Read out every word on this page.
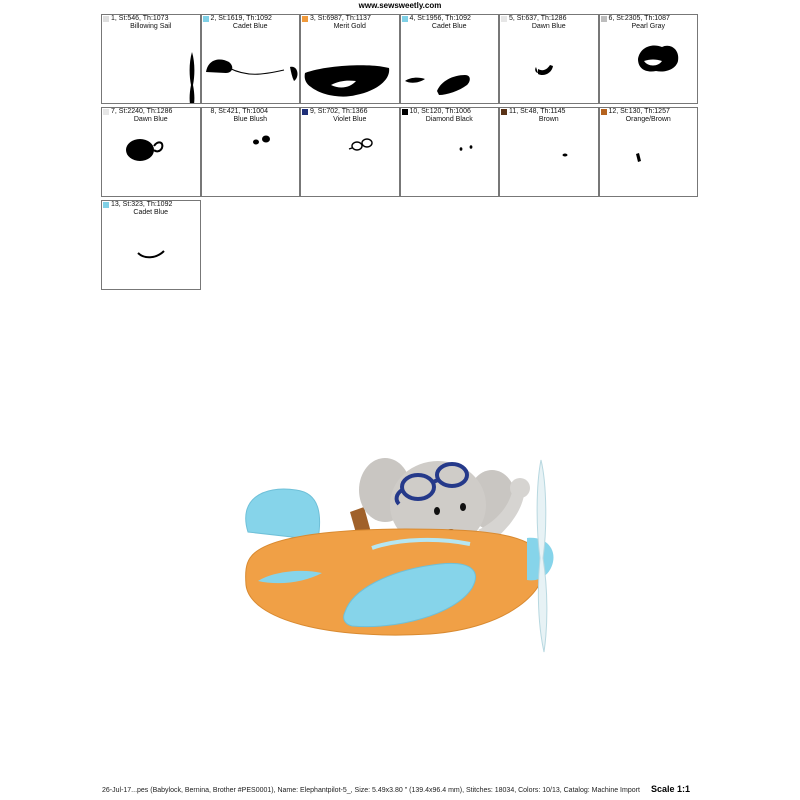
www.sewsweetly.com
1, St:546, Th:1073
Billowing Sail
2, St:1619, Th:1092
Cadet Blue
3, St:6987, Th:1137
Merit Gold
4, St:1956, Th:1092
Cadet Blue
5, St:637, Th:1286
Dawn Blue
6, St:2305, Th:1087
Pearl Gray
7, St:2240, Th:1286
Dawn Blue
8, St:421, Th:1004
Blue Blush
9, St:702, Th:1366
Violet Blue
10, St:120, Th:1006
Diamond Black
11, St:48, Th:1145
Brown
12, St:130, Th:1257
Orange/Brown
13, St:323, Th:1092
Cadet Blue
26-Jul-17...pes (Babylock, Bernina, Brother #PES0001), Name: Elephantpilot-5_, Size: 5.49x3.80 " (139.4x96.4 mm), Stitches: 18034, Colors: 10/13, Catalog: Machine Import	Scale 1:1
